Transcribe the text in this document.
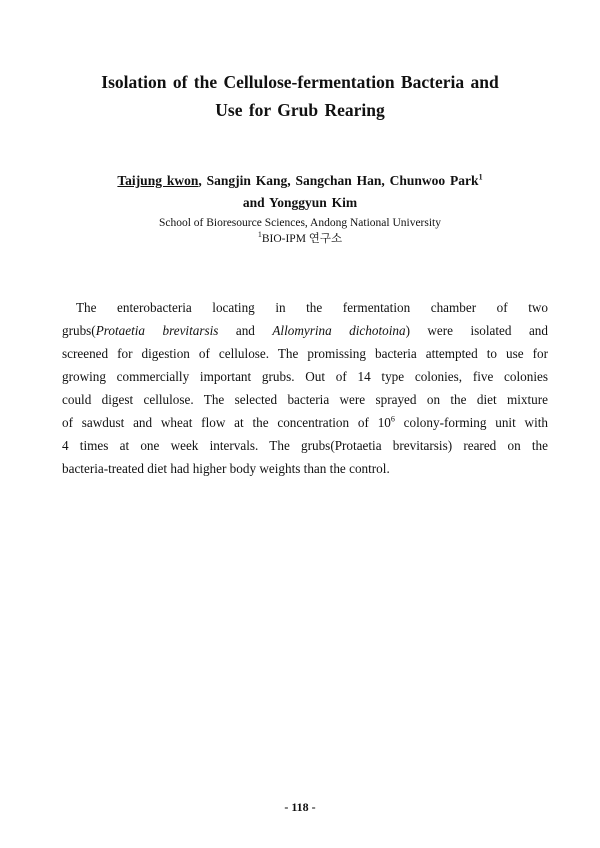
Isolation of the Cellulose-fermentation Bacteria and
Use for Grub Rearing
Taijung kwon, Sangjin Kang, Sangchan Han, Chunwoo Park$^1$
and Yonggyun Kim
School of Bioresource Sciences, Andong National University
$^1$BIO-IPM 연구소
The enterobacteria locating in the fermentation chamber of two
grubs(Protaetia brevitarsis and Allomyrina dichotoina) were isolated and
screened for digestion of cellulose. The promissing bacteria attempted to use for
growing commercially important grubs. Out of 14 type colonies, five colonies
could digest cellulose. The selected bacteria were sprayed on the diet mixture
of sawdust and wheat flow at the concentration of $10^6$ colony-forming unit with
4 times at one week intervals. The grubs(Protaetia brevitarsis) reared on the
bacteria-treated diet had higher body weights than the control.
- 118 -
